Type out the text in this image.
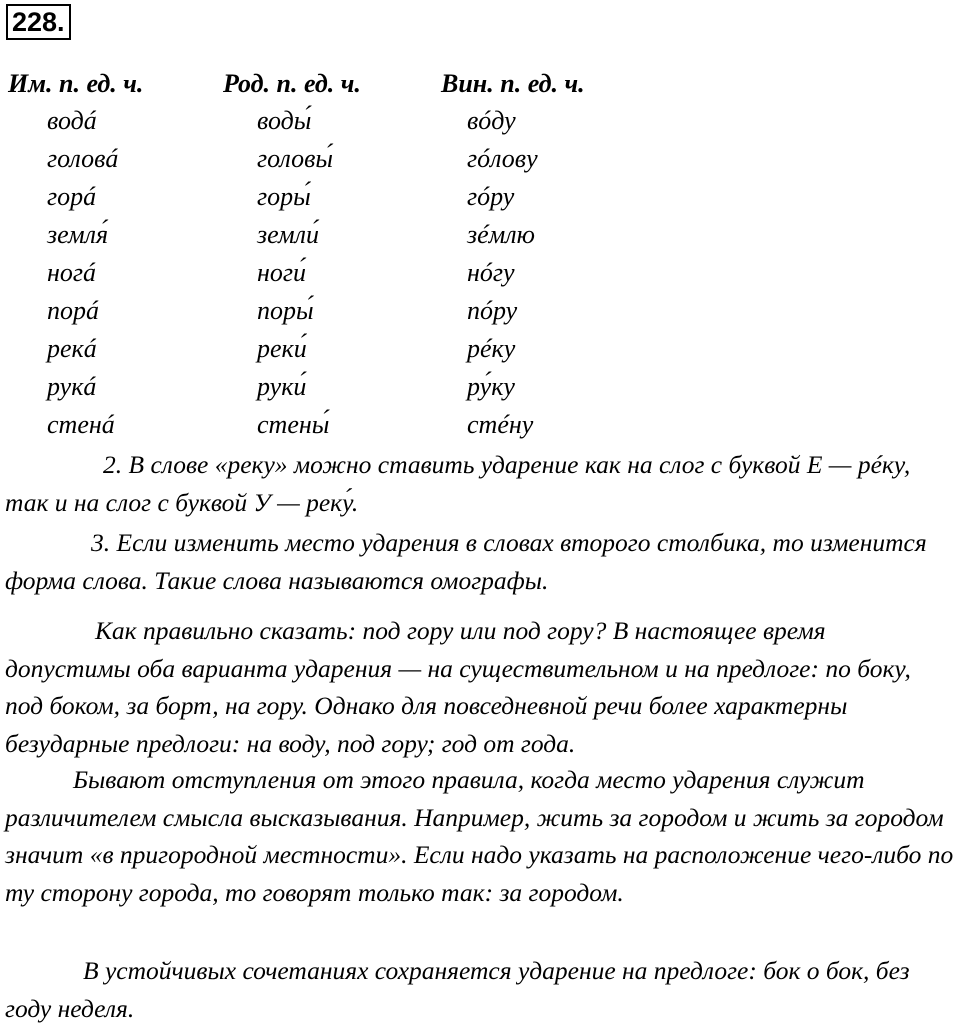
228.
Им. п. ед. ч.	Род. п. ед. ч.	Вин. п. ед. ч.
водá	воды́	вóду
головá	головы́	гóлову
горá	горы́	гóру
земля́	земли́	зéмлю
ногá	ноги́	нóгу
порá	поры́	пóру
рекá	реки́	рéку
рукá	руки́	ру́ку
стенá	стены́	стéну

2. В слове «реку» можно ставить ударение как на слог с буквой Е — рéку, так и на слог с буквой У — реку́.

3. Если изменить место ударения в словах второго столбика, то изменится форма слова. Такие слова называются омографы.

Как правильно сказать: под гору или под гору? В настоящее время допустимы оба варианта ударения — на существительном и на предлоге: по боку, под боком, за борт, на гору. Однако для повседневной речи более характерны безударные предлоги: на воду, под гору; год от года.

Бывают отступления от этого правила, когда место ударения служит различителем смысла высказывания. Например, жить за городом и жить за городом значит «в пригородной местности». Если надо указать на расположение чего-либо по ту сторону города, то говорят только так: за городом.

В устойчивых сочетаниях сохраняется ударение на предлоге: бок о бок, без году неделя.
